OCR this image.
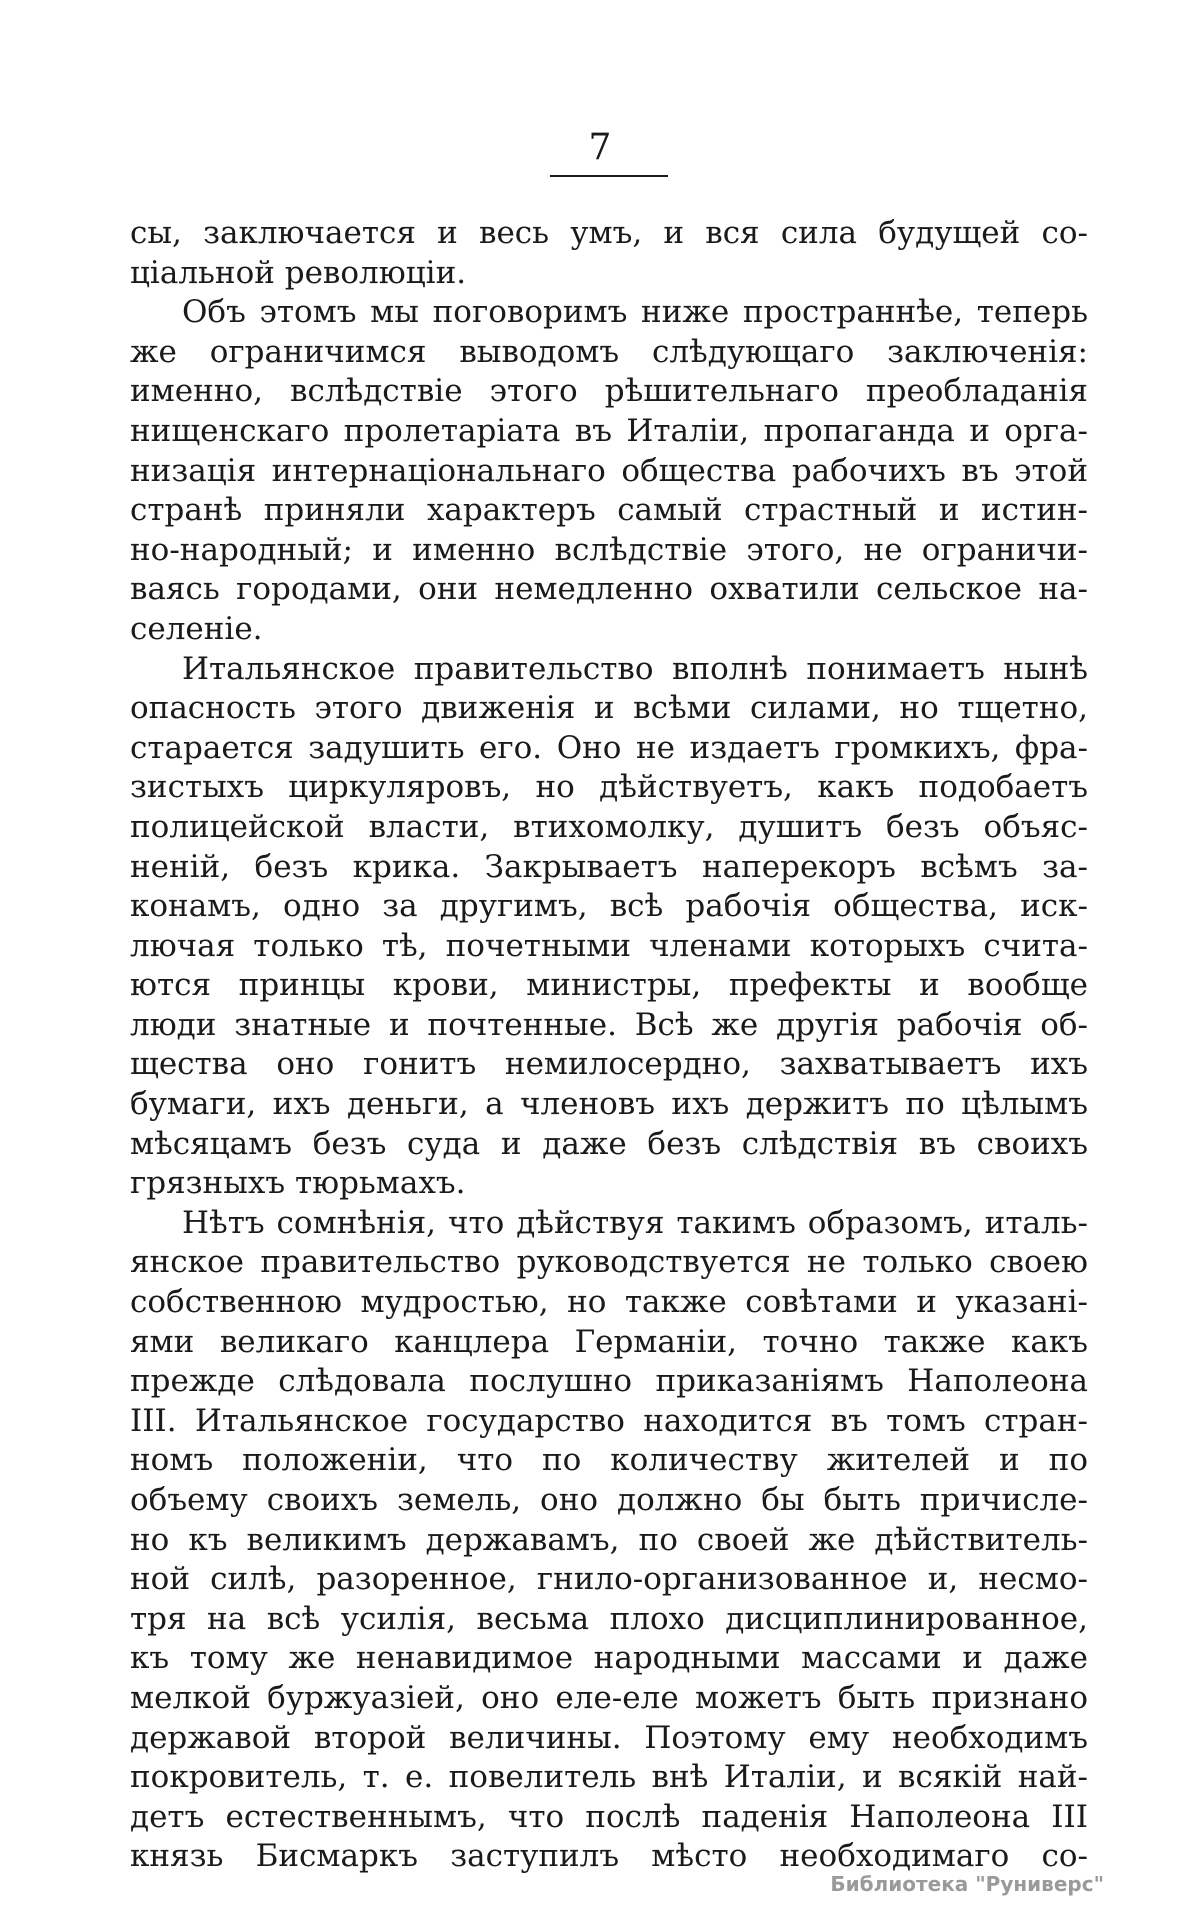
7
сы, заключается и весь умъ, и вся сила будущей со-
ціальной революціи.
Объ этомъ мы поговоримъ ниже пространнѣе, теперь
же ограничимся выводомъ слѣдующаго заключенія:
именно, вслѣдствіе этого рѣшительнаго преобладанія
нищенскаго пролетаріата въ Италіи, пропаганда и орга-
низація интернаціональнаго общества рабочихъ въ этой
странѣ приняли характеръ самый страстный и истин-
но-народный; и именно вслѣдствіе этого, не ограничи-
ваясь городами, они немедленно охватили сельское на-
селеніе.
Итальянское правительство вполнѣ понимаетъ нынѣ
опасность этого движенія и всѣми силами, но тщетно,
старается задушить его. Оно не издаетъ громкихъ, фра-
зистыхъ циркуляровъ, но дѣйствуетъ, какъ подобаетъ
полицейской власти, втихомолку, душитъ безъ объяс-
неній, безъ крика. Закрываетъ наперекоръ всѣмъ за-
конамъ, одно за другимъ, всѣ рабочія общества, иск-
лючая только тѣ, почетными членами которыхъ счита-
ются принцы крови, министры, префекты и вообще
люди знатные и почтенные. Всѣ же другія рабочія об-
щества оно гонитъ немилосердно, захватываетъ ихъ
бумаги, ихъ деньги, а членовъ ихъ держитъ по цѣлымъ
мѣсяцамъ безъ суда и даже безъ слѣдствія въ своихъ
грязныхъ тюрьмахъ.
Нѣтъ сомнѣнія, что дѣйствуя такимъ образомъ, италь-
янское правительство руководствуется не только своею
собственною мудростью, но также совѣтами и указані-
ями великаго канцлера Германіи, точно также какъ
прежде слѣдовала послушно приказаніямъ Наполеона
III. Итальянское государство находится въ томъ стран-
номъ положеніи, что по количеству жителей и по
объему своихъ земель, оно должно бы быть причисле-
но къ великимъ державамъ, по своей же дѣйствитель-
ной силѣ, разоренное, гнило-организованное и, несмо-
тря на всѣ усилія, весьма плохо дисциплинированное,
къ тому же ненавидимое народными массами и даже
мелкой буржуазіей, оно еле-еле можетъ быть признано
державой второй величины. Поэтому ему необходимъ
покровитель, т. е. повелитель внѣ Италіи, и всякій най-
детъ естественнымъ, что послѣ паденія Наполеона III
князь Бисмаркъ заступилъ мѣсто необходимаго со-
Библиотека "Руниверс"
